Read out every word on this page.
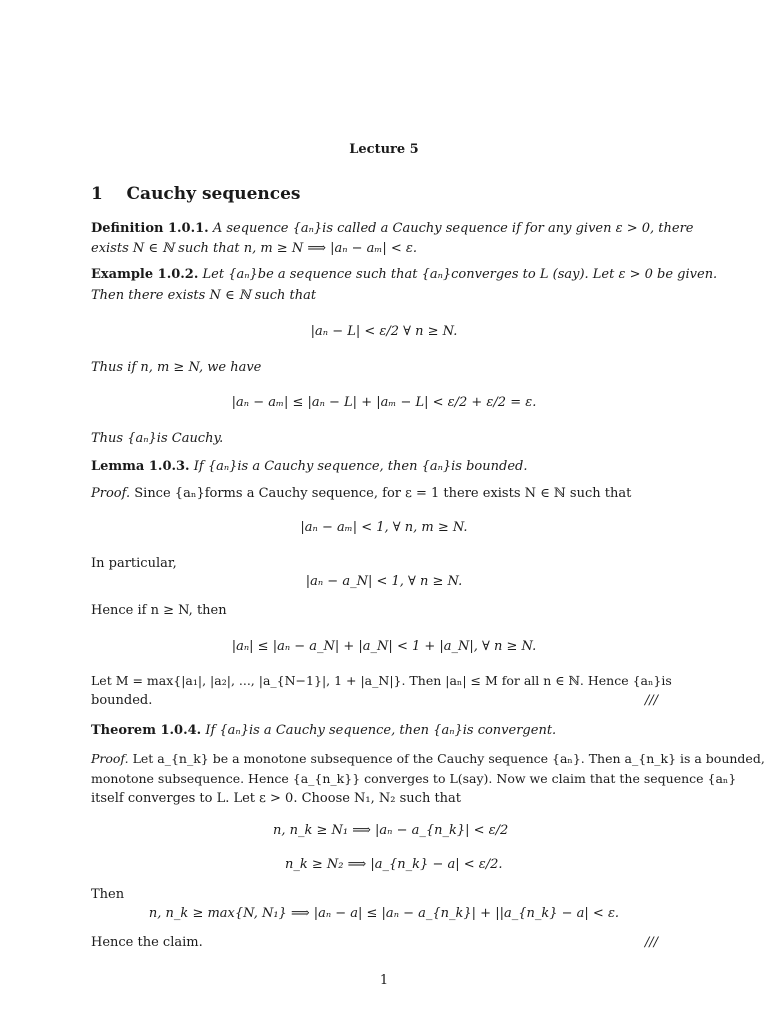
Lecture 5
1 Cauchy sequences
Definition 1.0.1. A sequence {aₙ}is called a Cauchy sequence if for any given ε > 0, there
exists N ∈ ℕ such that n, m ≥ N ⟹ |aₙ − aₘ| < ε.
Example 1.0.2. Let {aₙ}be a sequence such that {aₙ}converges to L (say). Let ε > 0 be given.
Then there exists N ∈ ℕ such that
|aₙ − L| < ε/2 ∀ n ≥ N.
Thus if n, m ≥ N, we have
|aₙ − aₘ| ≤ |aₙ − L| + |aₘ − L| < ε/2 + ε/2 = ε.
Thus {aₙ}is Cauchy.
Lemma 1.0.3. If {aₙ}is a Cauchy sequence, then {aₙ}is bounded.
Proof. Since {aₙ}forms a Cauchy sequence, for ε = 1 there exists N ∈ ℕ such that
|aₙ − aₘ| < 1, ∀ n, m ≥ N.
In particular,
|aₙ − a_N| < 1, ∀ n ≥ N.
Hence if n ≥ N, then
|aₙ| ≤ |aₙ − a_N| + |a_N| < 1 + |a_N|, ∀ n ≥ N.
Let M = max{|a₁|, |a₂|, ..., |a_{N−1}|, 1 + |a_N|}. Then |aₙ| ≤ M for all n ∈ ℕ. Hence {aₙ}is
bounded.	///
Theorem 1.0.4. If {aₙ}is a Cauchy sequence, then {aₙ}is convergent.
Proof. Let a_{n_k} be a monotone subsequence of the Cauchy sequence {aₙ}. Then a_{n_k} is a bounded,
monotone subsequence. Hence {a_{n_k}} converges to L(say). Now we claim that the sequence {aₙ}
itself converges to L. Let ε > 0. Choose N₁, N₂ such that
n, n_k ≥ N₁ ⟹ |aₙ − a_{n_k}| < ε/2
n_k ≥ N₂ ⟹ |a_{n_k} − a| < ε/2.
Then
n, n_k ≥ max{N, N₁} ⟹ |aₙ − a| ≤ |aₙ − a_{n_k}| + ||a_{n_k} − a| < ε.
Hence the claim.	///
1
